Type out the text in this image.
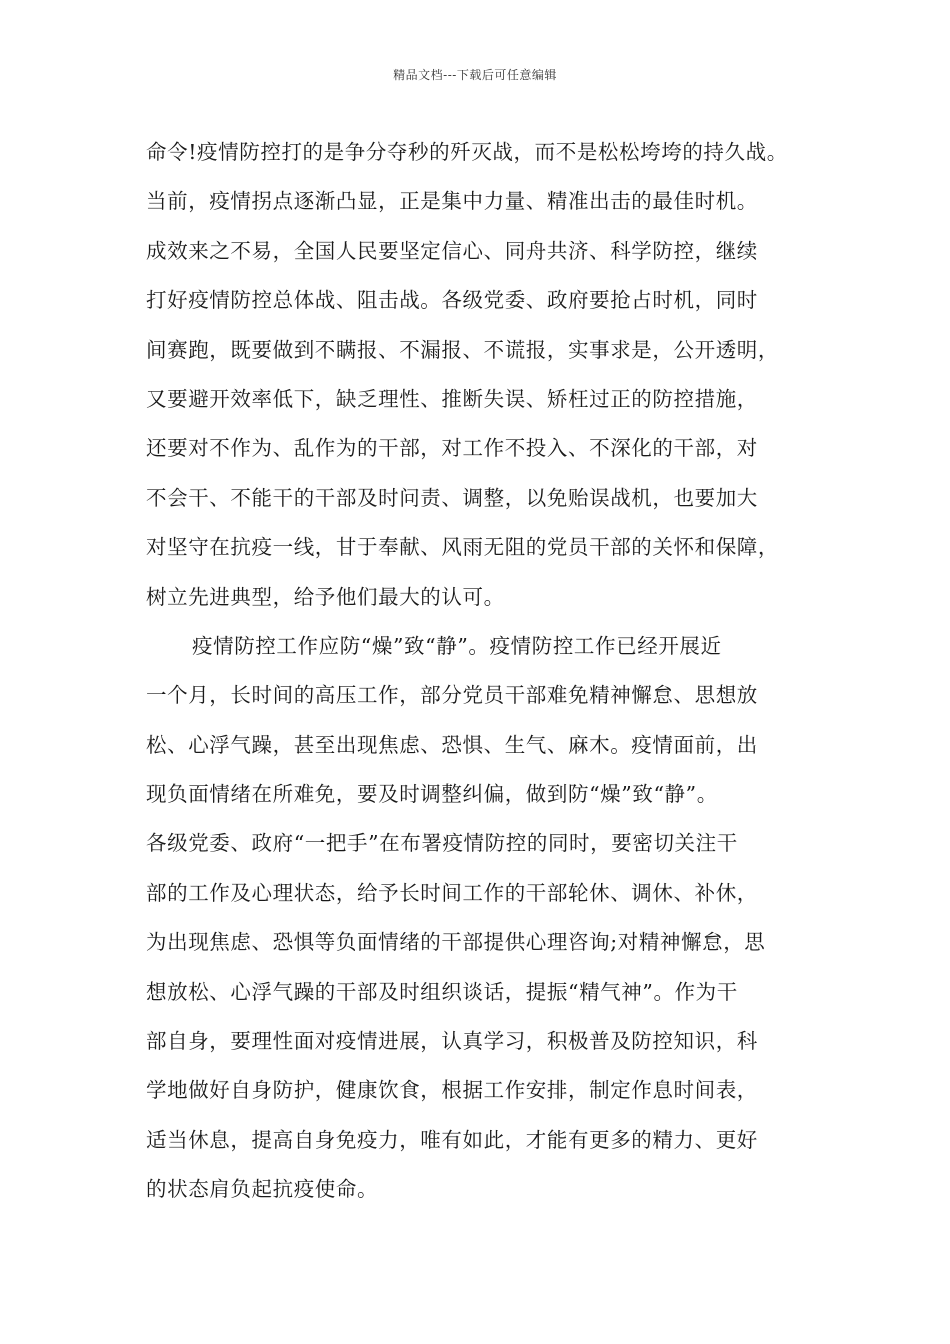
精品文档---下载后可任意编辑
命令!疫情防控打的是争分夺秒的歼灭战，而不是松松垮垮的持久战。
当前，疫情拐点逐渐凸显，正是集中力量、精准出击的最佳时机。
成效来之不易，全国人民要坚定信心、同舟共济、科学防控，继续
打好疫情防控总体战、阻击战。各级党委、政府要抢占时机，同时
间赛跑，既要做到不瞒报、不漏报、不谎报，实事求是，公开透明，
又要避开效率低下，缺乏理性、推断失误、矫枉过正的防控措施，
还要对不作为、乱作为的干部，对工作不投入、不深化的干部，对
不会干、不能干的干部及时问责、调整，以免贻误战机，也要加大
对坚守在抗疫一线，甘于奉献、风雨无阻的党员干部的关怀和保障，
树立先进典型，给予他们最大的认可。
疫情防控工作应防“燥”致“静”。疫情防控工作已经开展近
一个月，长时间的高压工作，部分党员干部难免精神懈怠、思想放
松、心浮气躁，甚至出现焦虑、恐惧、生气、麻木。疫情面前，出
现负面情绪在所难免，要及时调整纠偏，做到防“燥”致“静”。
各级党委、政府“一把手”在布署疫情防控的同时，要密切关注干
部的工作及心理状态，给予长时间工作的干部轮休、调休、补休，
为出现焦虑、恐惧等负面情绪的干部提供心理咨询;对精神懈怠，思
想放松、心浮气躁的干部及时组织谈话，提振“精气神”。作为干
部自身，要理性面对疫情进展，认真学习，积极普及防控知识，科
学地做好自身防护，健康饮食，根据工作安排，制定作息时间表，
适当休息，提高自身免疫力，唯有如此，才能有更多的精力、更好
的状态肩负起抗疫使命。
